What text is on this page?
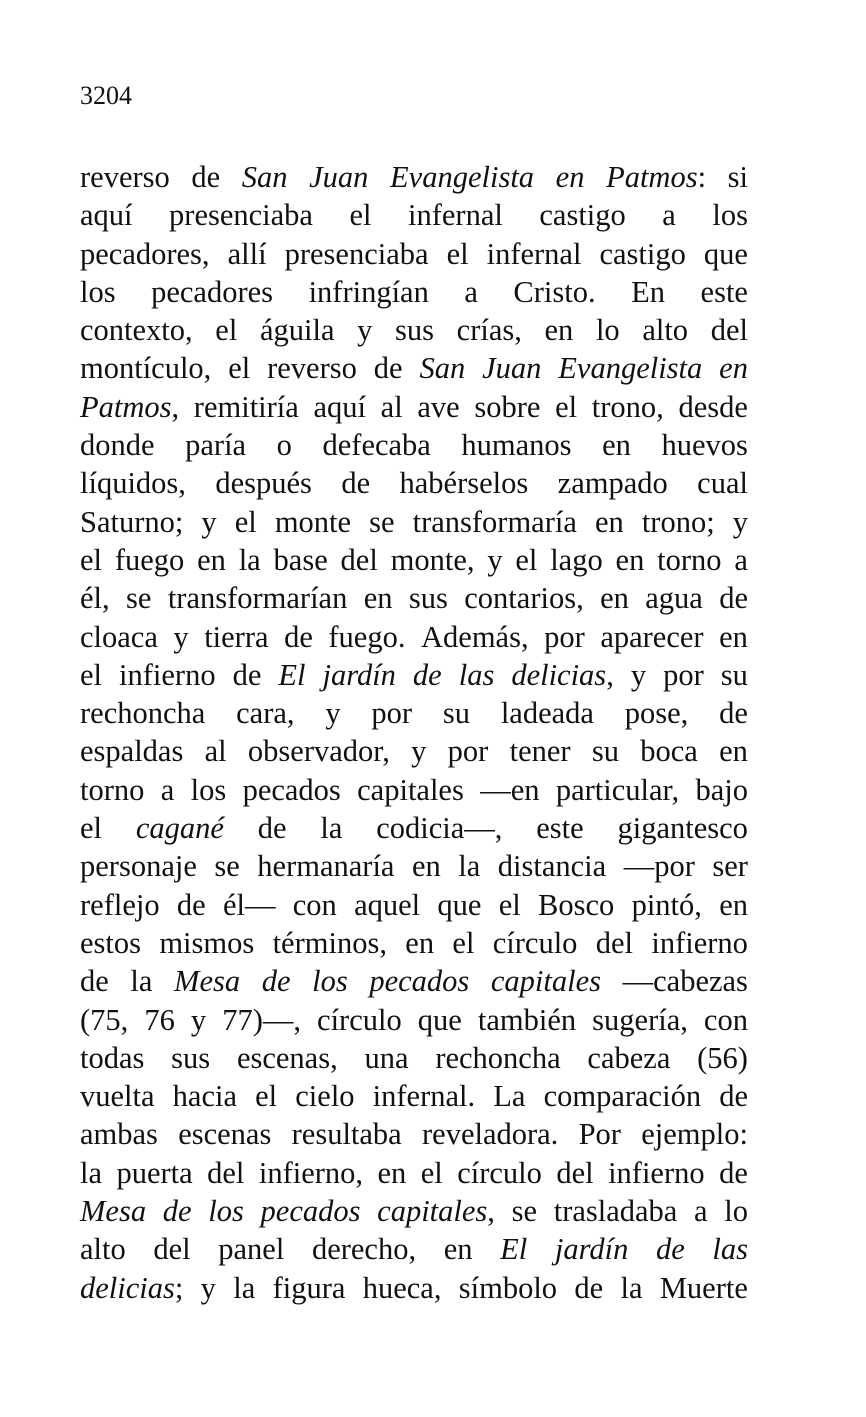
3204
reverso de San Juan Evangelista en Patmos: si
aquí presenciaba el infernal castigo a los
pecadores, allí presenciaba el infernal castigo que
los pecadores infringían a Cristo. En este
contexto, el águila y sus crías, en lo alto del
montículo, el reverso de San Juan Evangelista en
Patmos, remitiría aquí al ave sobre el trono, desde
donde paría o defecaba humanos en huevos
líquidos, después de habérselos zampado cual
Saturno; y el monte se transformaría en trono; y
el fuego en la base del monte, y el lago en torno a
él, se transformarían en sus contarios, en agua de
cloaca y tierra de fuego. Además, por aparecer en
el infierno de El jardín de las delicias, y por su
rechoncha cara, y por su ladeada pose, de
espaldas al observador, y por tener su boca en
torno a los pecados capitales —en particular, bajo
el cagané de la codicia—, este gigantesco
personaje se hermanaría en la distancia —por ser
reflejo de él— con aquel que el Bosco pintó, en
estos mismos términos, en el círculo del infierno
de la Mesa de los pecados capitales —cabezas
(75, 76 y 77)—, círculo que también sugería, con
todas sus escenas, una rechoncha cabeza (56)
vuelta hacia el cielo infernal. La comparación de
ambas escenas resultaba reveladora. Por ejemplo:
la puerta del infierno, en el círculo del infierno de
Mesa de los pecados capitales, se trasladaba a lo
alto del panel derecho, en El jardín de las
delicias; y la figura hueca, símbolo de la Muerte
